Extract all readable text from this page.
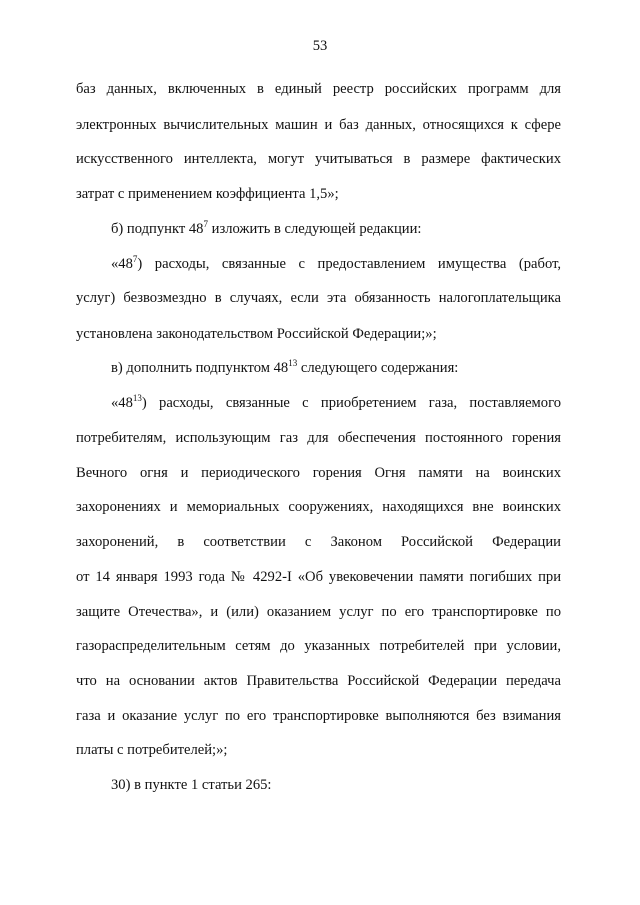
53
баз данных, включенных в единый реестр российских программ для
электронных вычислительных машин и баз данных, относящихся к сфере
искусственного интеллекта, могут учитываться в размере фактических
затрат с применением коэффициента 1,5»;
б) подпункт $48^7$ изложить в следующей редакции:
«$48^7$) расходы, связанные с предоставлением имущества (работ,
услуг) безвозмездно в случаях, если эта обязанность налогоплательщика
установлена законодательством Российской Федерации;»;
в) дополнить подпунктом $48^{13}$ следующего содержания:
«$48^{13}$) расходы, связанные с приобретением газа, поставляемого
потребителям, использующим газ для обеспечения постоянного горения
Вечного огня и периодического горения Огня памяти на воинских
захоронениях и мемориальных сооружениях, находящихся вне воинских
захоронений, в соответствии с Законом Российской Федерации
от 14 января 1993 года № 4292-I «Об увековечении памяти погибших при
защите Отечества», и (или) оказанием услуг по его транспортировке по
газораспределительным сетям до указанных потребителей при условии,
что на основании актов Правительства Российской Федерации передача
газа и оказание услуг по его транспортировке выполняются без взимания
платы с потребителей;»;
30) в пункте 1 статьи 265:
